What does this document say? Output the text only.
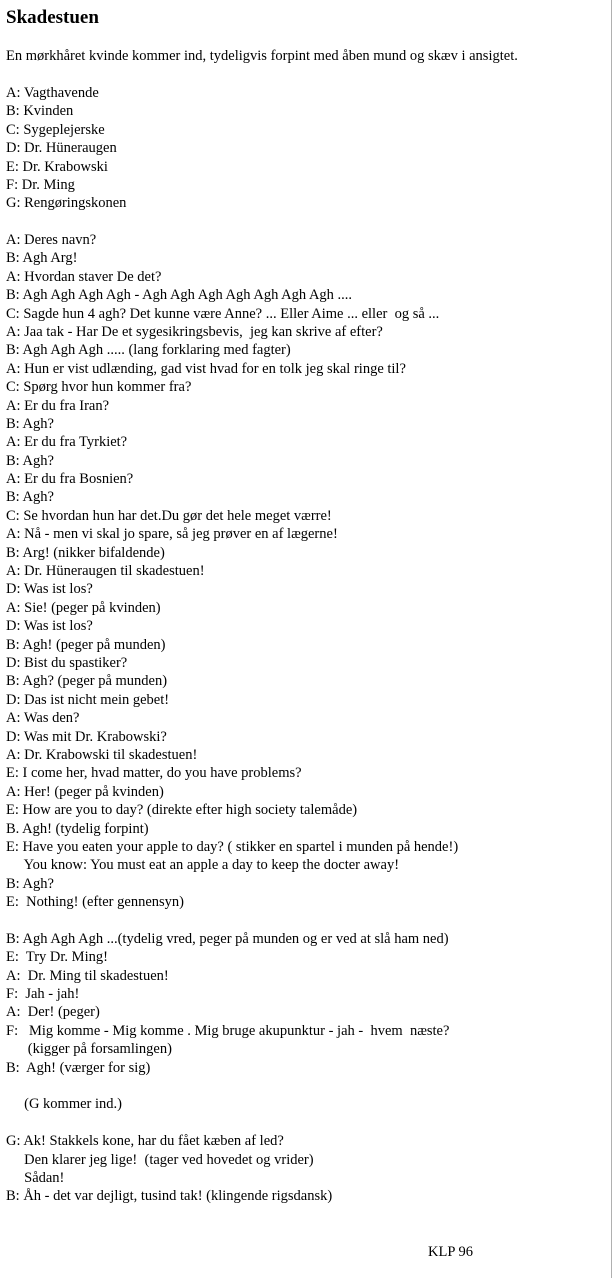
Skadestuen
En mørkhåret kvinde kommer ind, tydeligvis forpint med åben mund og skæv i ansigtet.
A: Vagthavende
B: Kvinden
C: Sygeplejerske
D: Dr. Hüneraugen
E: Dr. Krabowski
F: Dr. Ming
G: Rengøringskonen
A: Deres navn?
B: Agh Arg!
A: Hvordan staver De det?
B: Agh Agh Agh Agh - Agh Agh Agh Agh Agh Agh Agh ....
C: Sagde hun 4 agh? Det kunne være Anne? ... Eller Aime ... eller  og så ...
A: Jaa tak - Har De et sygesikringsbevis,  jeg kan skrive af efter?
B: Agh Agh Agh ..... (lang forklaring med fagter)
A: Hun er vist udlænding, gad vist hvad for en tolk jeg skal ringe til?
C: Spørg hvor hun kommer fra?
A: Er du fra Iran?
B: Agh?
A: Er du fra Tyrkiet?
B: Agh?
A: Er du fra Bosnien?
B: Agh?
C: Se hvordan hun har det.Du gør det hele meget værre!
A: Nå - men vi skal jo spare, så jeg prøver en af lægerne!
B: Arg! (nikker bifaldende)
A: Dr. Hüneraugen til skadestuen!
D: Was ist los?
A: Sie! (peger på kvinden)
D: Was ist los?
B: Agh! (peger på munden)
D: Bist du spastiker?
B: Agh? (peger på munden)
D: Das ist nicht mein gebet!
A: Was den?
D: Was mit Dr. Krabowski?
A: Dr. Krabowski til skadestuen!
E: I come her, hvad matter, do you have problems?
A: Her! (peger på kvinden)
E: How are you to day? (direkte efter high society talemåde)
B. Agh! (tydelig forpint)
E: Have you eaten your apple to day? ( stikker en spartel i munden på hende!)
You know: You must eat an apple a day to keep the docter away!
B: Agh?
E:  Nothing! (efter gennensyn)
B: Agh Agh Agh ...(tydelig vred, peger på munden og er ved at slå ham ned)
E:  Try Dr. Ming!
A:  Dr. Ming til skadestuen!
F:  Jah - jah!
A:  Der! (peger)
F:   Mig komme - Mig komme . Mig bruge akupunktur - jah -  hvem  næste?
(kigger på forsamlingen)
B:  Agh! (værger for sig)
(G kommer ind.)
G: Ak! Stakkels kone, har du fået kæben af led?
Den klarer jeg lige!  (tager ved hovedet og vrider)
Sådan!
B: Åh - det var dejligt, tusind tak! (klingende rigsdansk)
KLP 96
